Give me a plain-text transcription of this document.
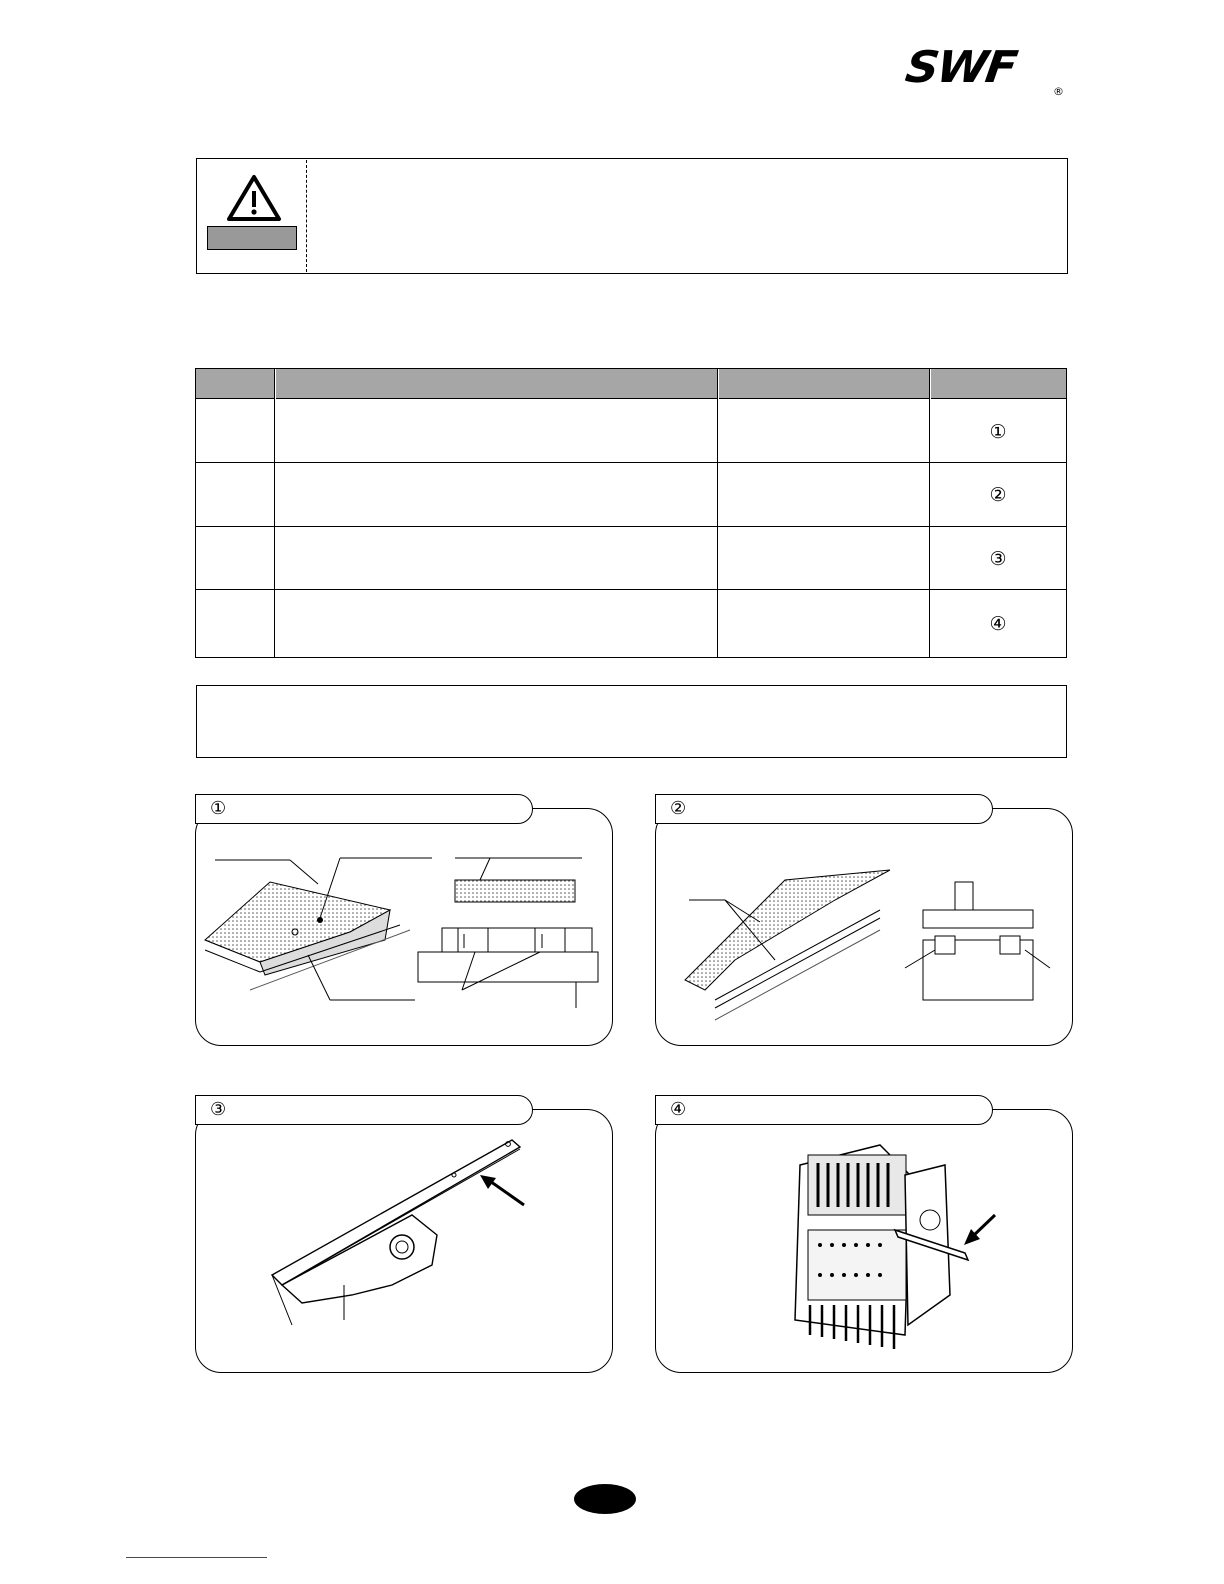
SWF	®
①
②
③
④
①	②
③	④
